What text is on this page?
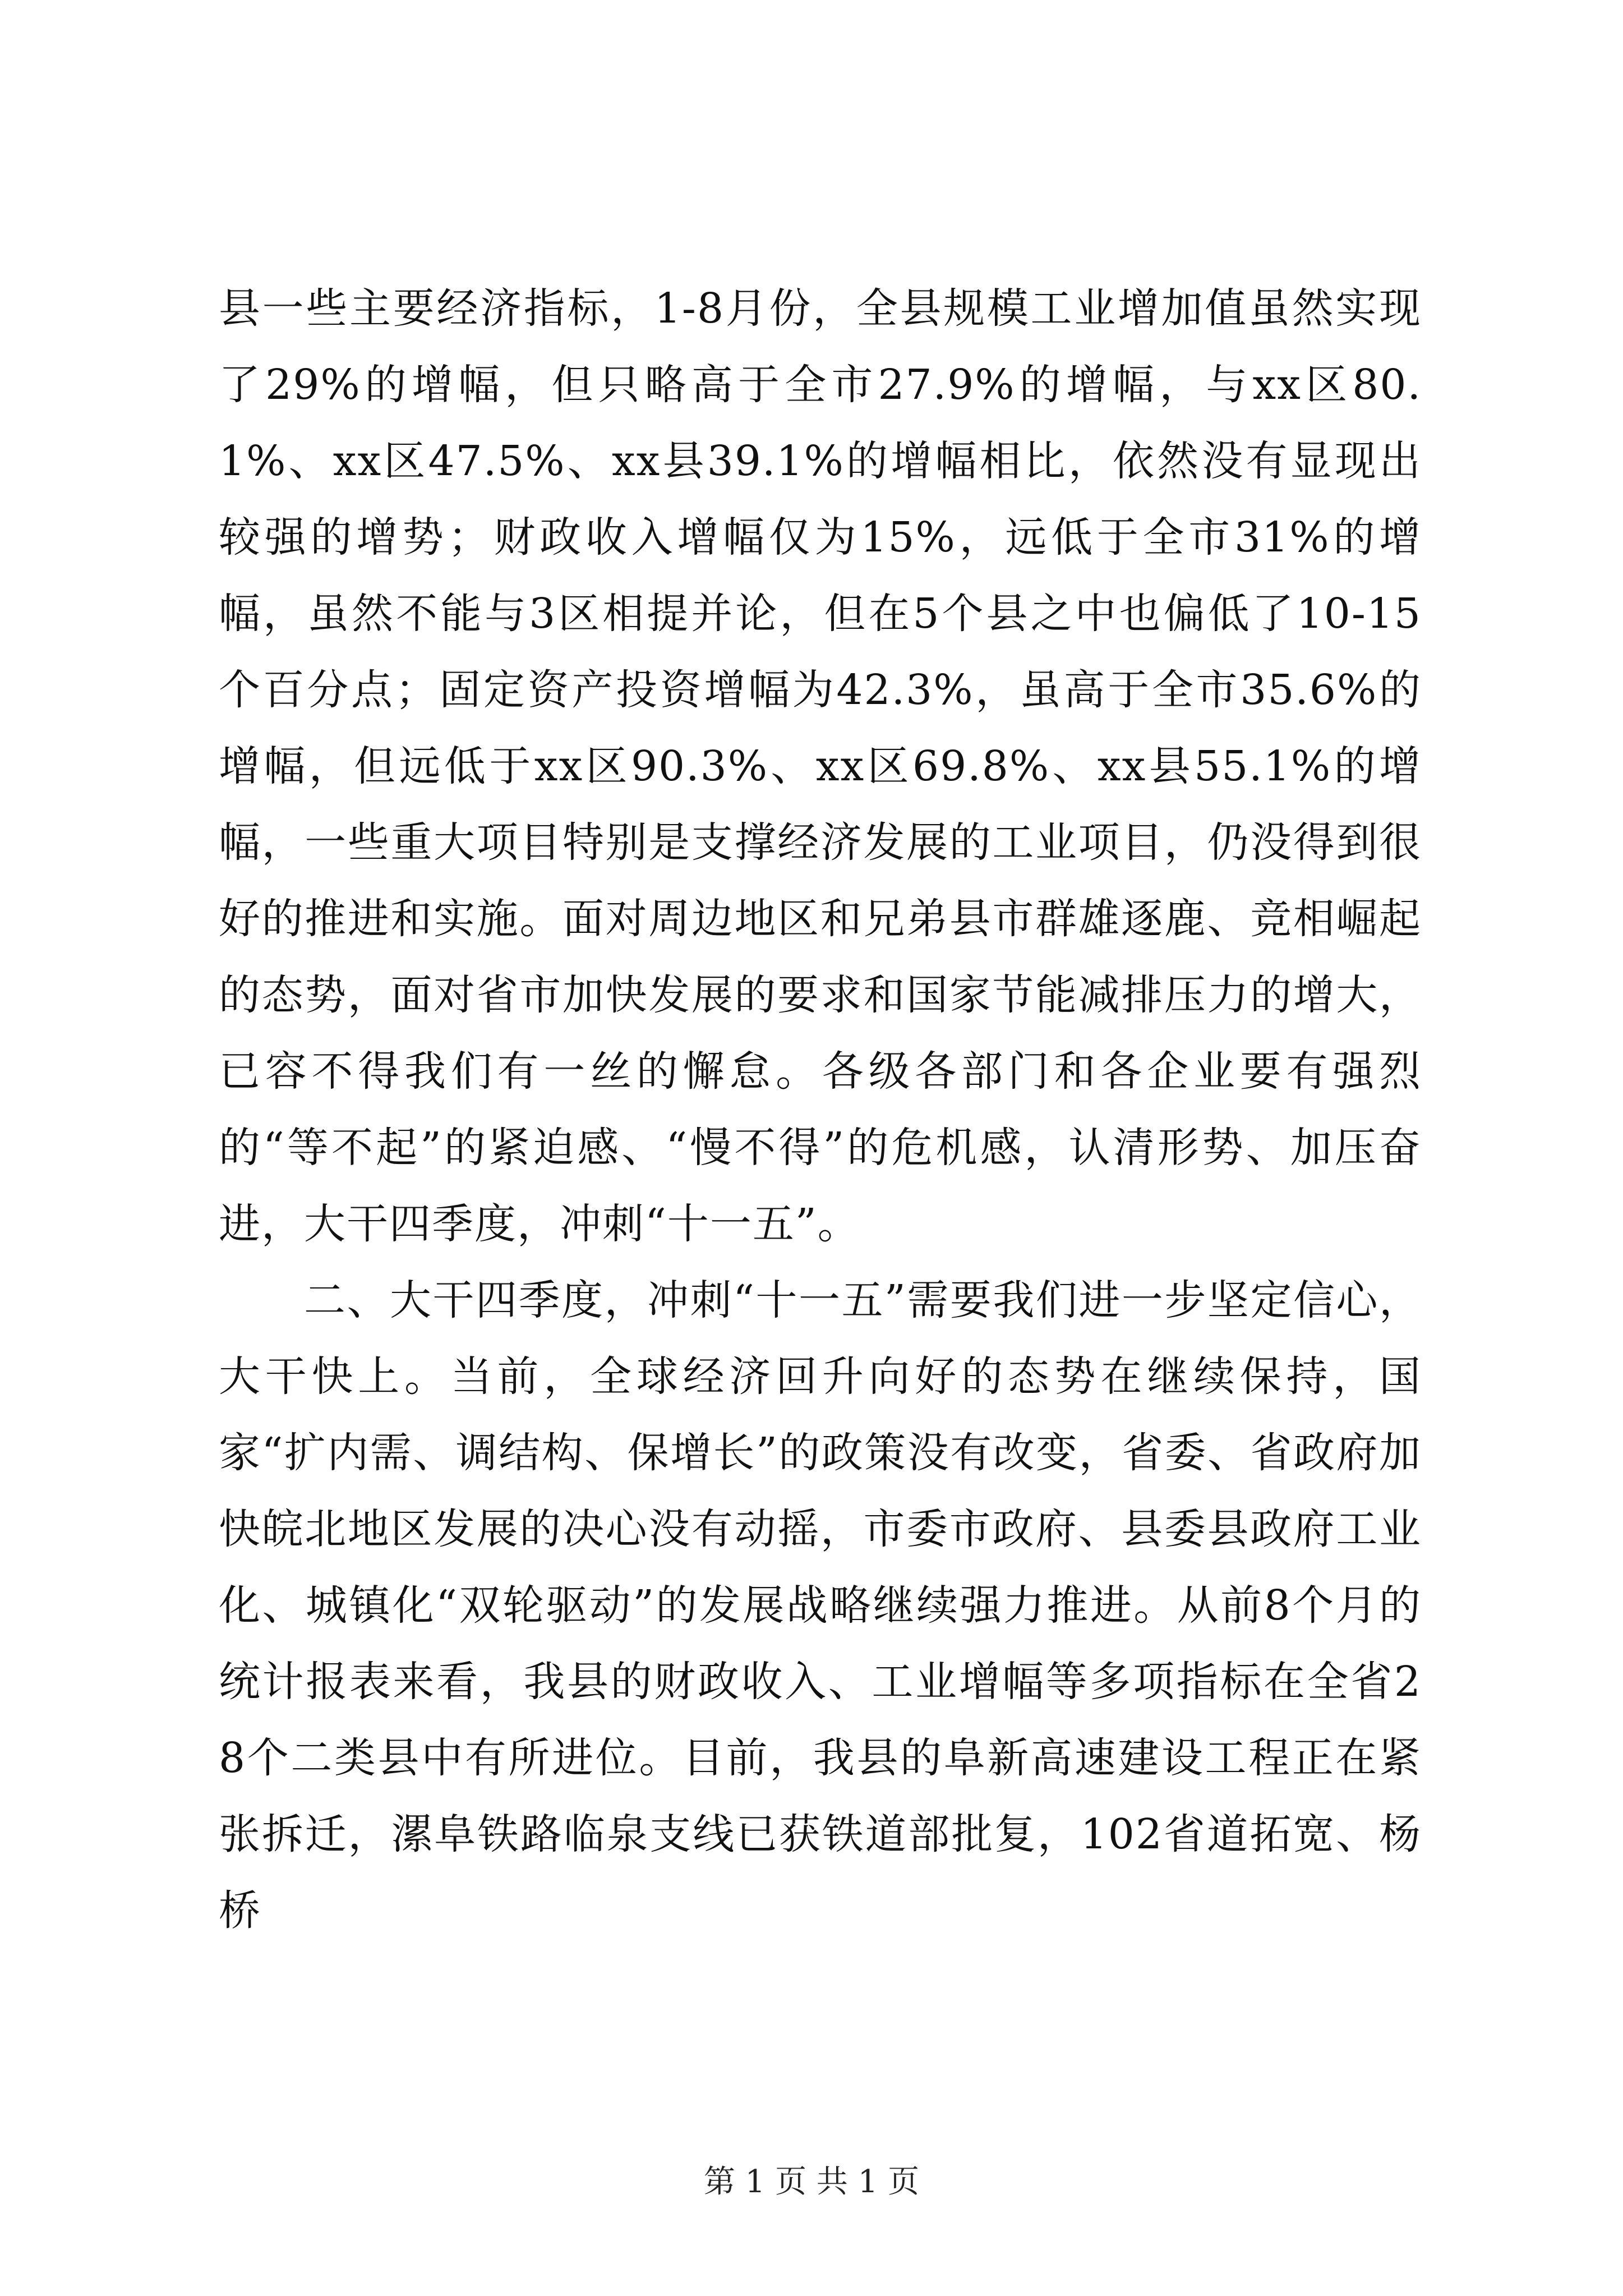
县一些主要经济指标，1-8月份，全县规模工业增加值虽然实现了29%的增幅，但只略高于全市27.9%的增幅，与xx区80.1%、xx区47.5%、xx县39.1%的增幅相比，依然没有显现出较强的增势；财政收入增幅仅为15%，远低于全市31%的增幅，虽然不能与3区相提并论，但在5个县之中也偏低了10-15个百分点；固定资产投资增幅为42.3%，虽高于全市35.6%的增幅，但远低于xx区90.3%、xx区69.8%、xx县55.1%的增幅，一些重大项目特别是支撑经济发展的工业项目，仍没得到很好的推进和实施。面对周边地区和兄弟县市群雄逐鹿、竞相崛起的态势，面对省市加快发展的要求和国家节能减排压力的增大，已容不得我们有一丝的懈怠。各级各部门和各企业要有强烈的“等不起”的紧迫感、“慢不得”的危机感，认清形势、加压奋进，大干四季度，冲刺“十一五”。

二、大干四季度，冲刺“十一五”需要我们进一步坚定信心，大干快上。当前，全球经济回升向好的态势在继续保持，国家“扩内需、调结构、保增长”的政策没有改变，省委、省政府加快皖北地区发展的决心没有动摇，市委市政府、县委县政府工业化、城镇化“双轮驱动”的发展战略继续强力推进。从前8个月的统计报表来看，我县的财政收入、工业增幅等多项指标在全省28个二类县中有所进位。目前，我县的阜新高速建设工程正在紧张拆迁，漯阜铁路临泉支线已获铁道部批复，102省道拓宽、杨桥

第 1 页 共 1 页
